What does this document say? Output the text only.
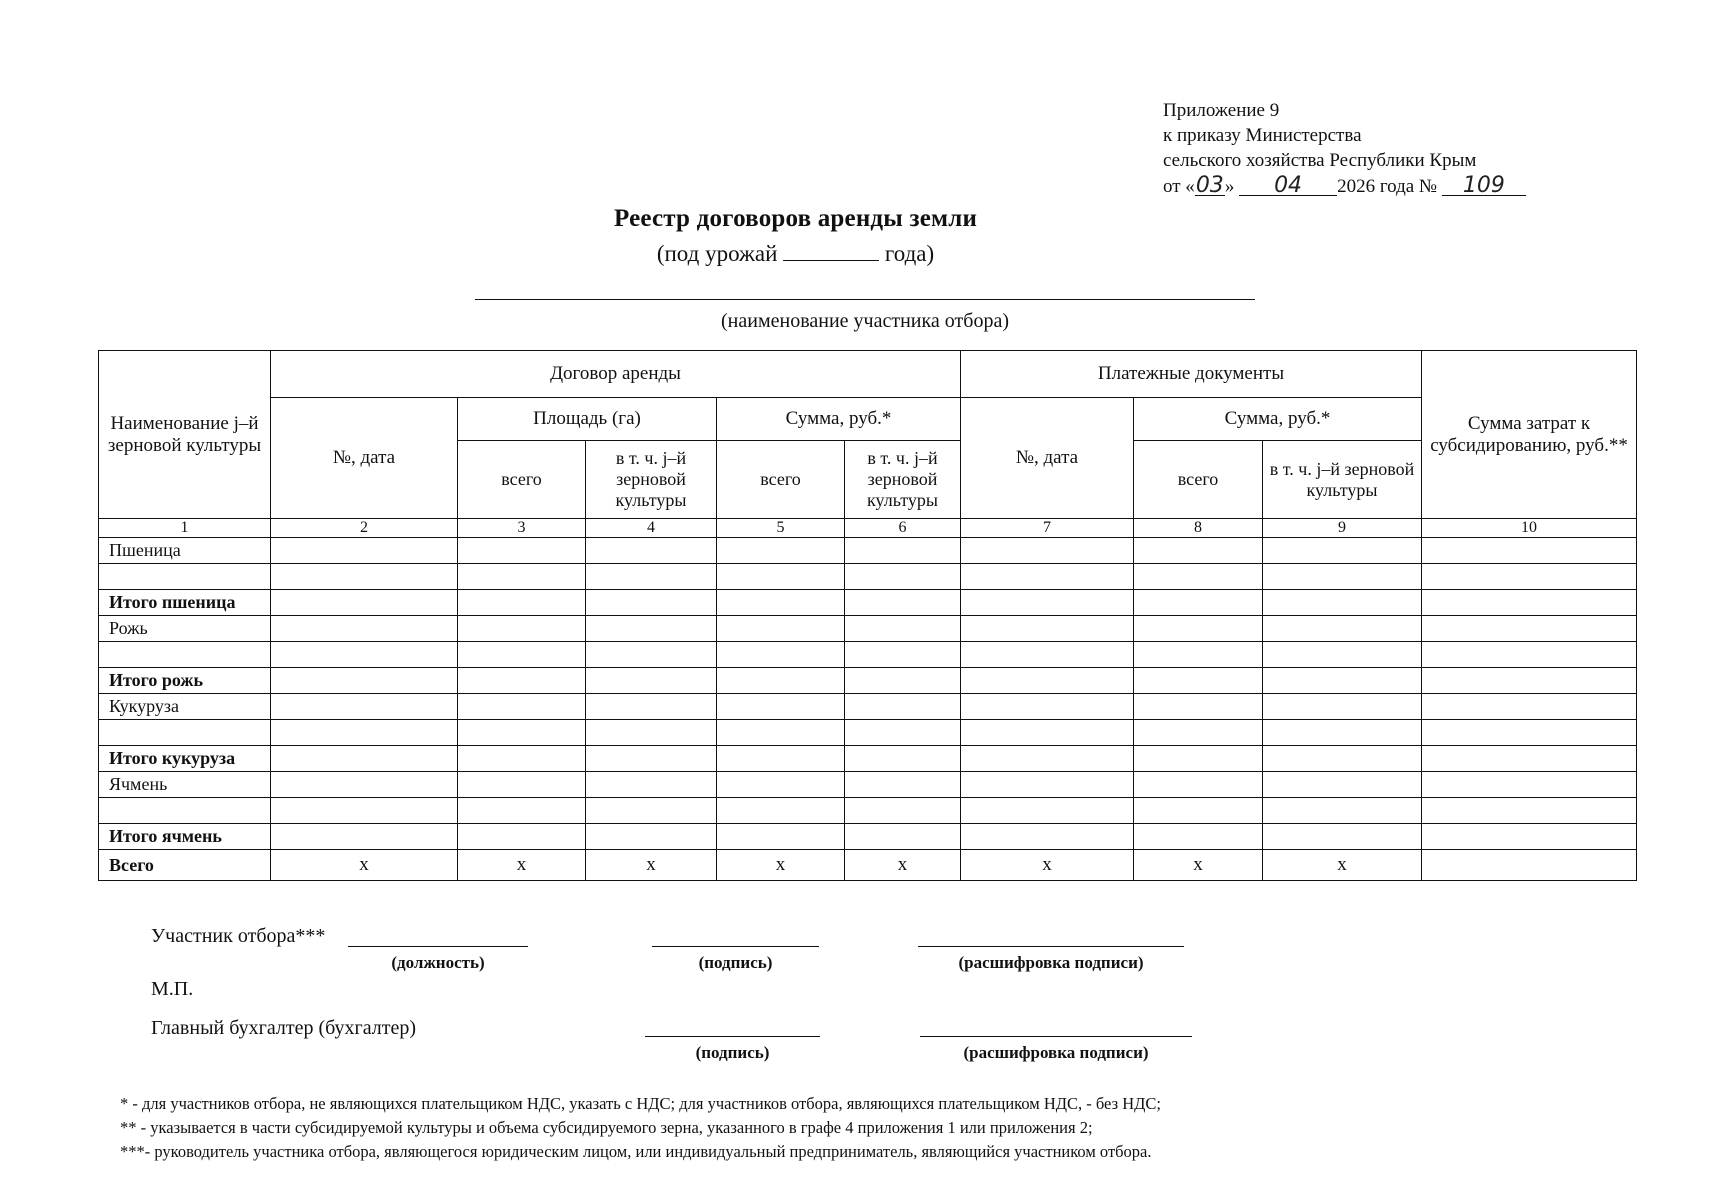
Приложение 9
к приказу Министерства
сельского хозяйства Республики Крым
от «03» 04 2026 года № 109
Реестр договоров аренды земли
(под урожай	года)
(наименование участника отбора)
Наименование j–й зерновой культуры	Договор аренды					Платежные документы			Сумма затрат к субсидированию, руб.**
	№, дата	Площадь (га)		Сумма, руб.*		№, дата	Сумма, руб.*		
		всего	в т. ч. j–й зерновой культуры	всего	в т. ч. j–й зерновой культуры		всего	в т. ч. j–й зерновой культуры	
1	2	3	4	5	6	7	8	9	10
Пшеница									

Итого пшеница									
Рожь									

Итого рожь									
Кукуруза									

Итого кукуруза									
Ячмень									

Итого ячмень									
Всего	x	x	x	x	x	x	x	x	
Участник отбора***
(должность)	(подпись)	(расшифровка подписи)
М.П.
Главный бухгалтер (бухгалтер)
(подпись)	(расшифровка подписи)
* - для участников отбора, не являющихся плательщиком НДС, указать с НДС; для участников отбора, являющихся плательщиком НДС, - без НДС;
** - указывается в части субсидируемой культуры и объема субсидируемого зерна, указанного в графе 4 приложения 1 или приложения 2;
***- руководитель участника отбора, являющегося юридическим лицом, или индивидуальный предприниматель, являющийся участником отбора.
